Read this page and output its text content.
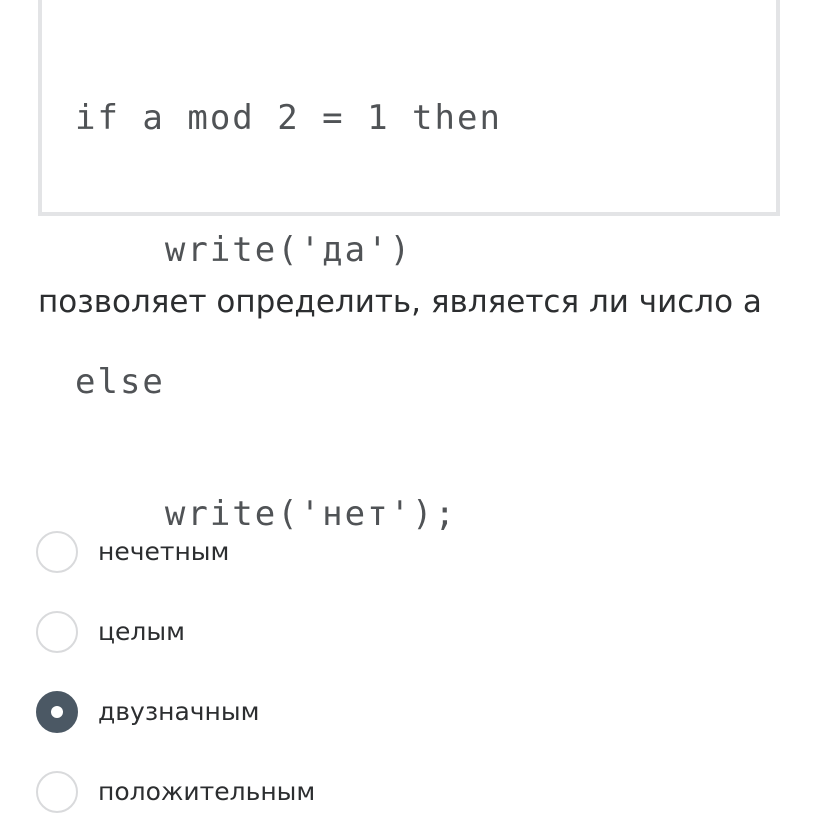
if a mod 2 = 1 then

write('да')

else

write('нет');

позволяет определить, является ли число а
нечетным
целым
двузначным
положительным
